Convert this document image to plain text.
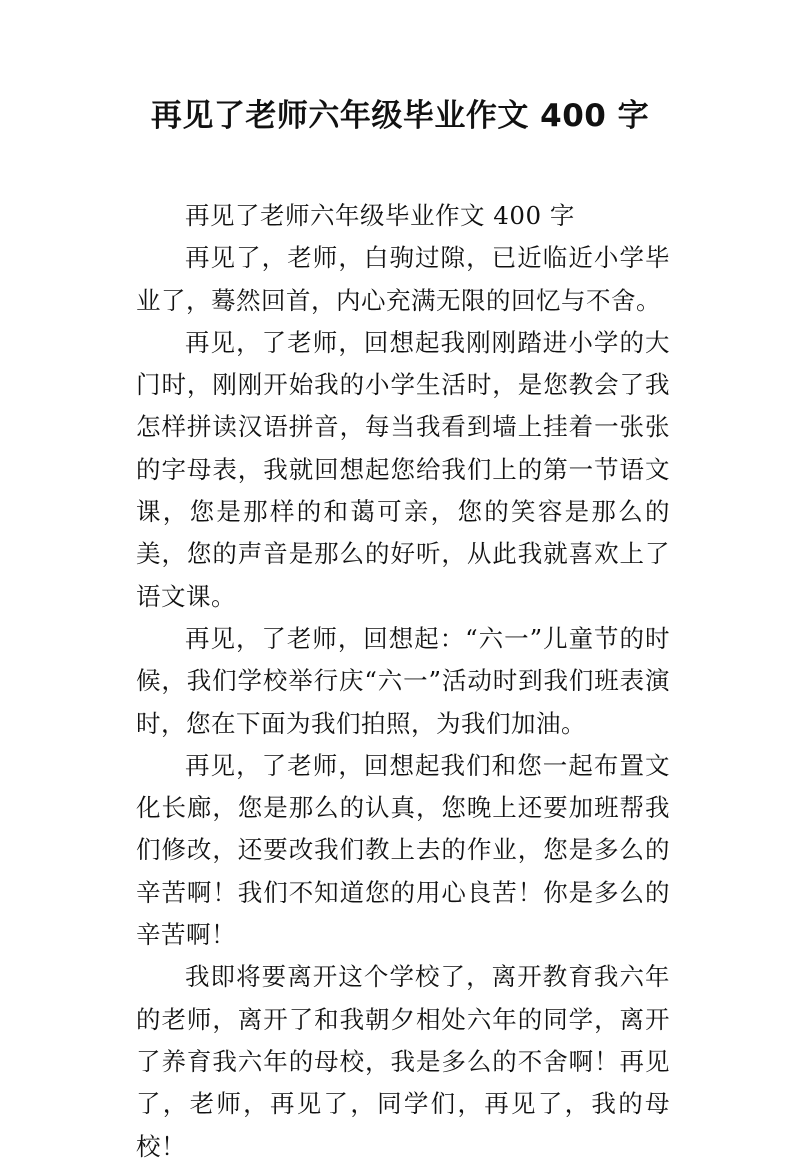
再见了老师六年级毕业作文 400 字

再见了老师六年级毕业作文 400 字

再见了，老师，白驹过隙，已近临近小学毕业了，蓦然回首，内心充满无限的回忆与不舍。

再见，了老师，回想起我刚刚踏进小学的大门时，刚刚开始我的小学生活时，是您教会了我怎样拼读汉语拼音，每当我看到墙上挂着一张张的字母表，我就回想起您给我们上的第一节语文课，您是那样的和蔼可亲，您的笑容是那么的美，您的声音是那么的好听，从此我就喜欢上了语文课。

再见，了老师，回想起：“六一”儿童节的时候，我们学校举行庆“六一”活动时到我们班表演时，您在下面为我们拍照，为我们加油。

再见，了老师，回想起我们和您一起布置文化长廊，您是那么的认真，您晚上还要加班帮我们修改，还要改我们教上去的作业，您是多么的辛苦啊！我们不知道您的用心良苦！你是多么的辛苦啊！

我即将要离开这个学校了，离开教育我六年的老师，离开了和我朝夕相处六年的同学，离开了养育我六年的母校，我是多么的不舍啊！再见了，老师，再见了，同学们，再见了，我的母校！
